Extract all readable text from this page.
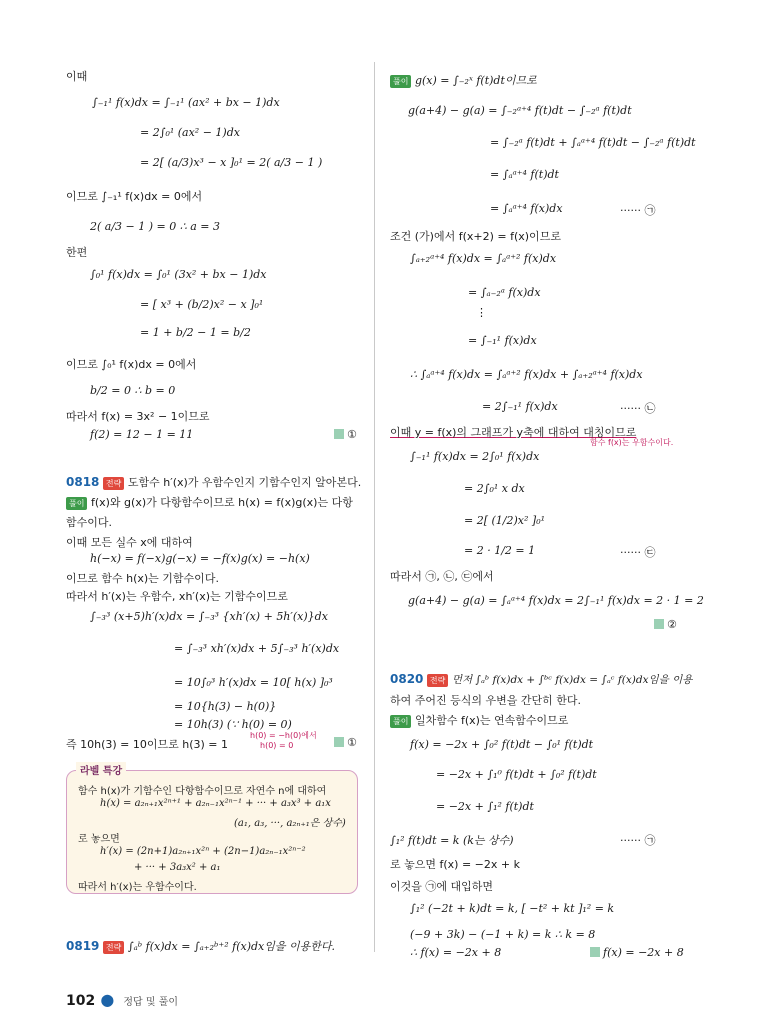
이때
∫₋₁¹ f(x)dx = ∫₋₁¹ (ax² + bx − 1)dx
= 2∫₀¹ (ax² − 1)dx
= 2[ (a/3)x³ − x ]₀¹ = 2( a/3 − 1 )
이므로 ∫₋₁¹ f(x)dx = 0에서
2( a/3 − 1 ) = 0 ∴ a = 3
한편
∫₀¹ f(x)dx = ∫₀¹ (3x² + bx − 1)dx
= [ x³ + (b/2)x² − x ]₀¹
= 1 + b/2 − 1 = b/2
이므로 ∫₀¹ f(x)dx = 0에서
b/2 = 0 ∴ b = 0
따라서 f(x) = 3x² − 1이므로
f(2) = 12 − 1 = 11	①
0818 전략 도함수 h′(x)가 우함수인지 기함수인지 알아본다.
풀이 f(x)와 g(x)가 다항함수이므로 h(x) = f(x)g(x)는 다항
함수이다.
이때 모든 실수 x에 대하여
h(−x) = f(−x)g(−x) = −f(x)g(x) = −h(x)
이므로 함수 h(x)는 기함수이다.
따라서 h′(x)는 우함수, xh′(x)는 기함수이므로
∫₋₃³ (x+5)h′(x)dx = ∫₋₃³ {xh′(x) + 5h′(x)}dx
= ∫₋₃³ xh′(x)dx + 5∫₋₃³ h′(x)dx
= 10∫₀³ h′(x)dx = 10[ h(x) ]₀³
= 10{h(3) − h(0)}
= 10h(3) (∵ h(0) = 0)
즉 10h(3) = 10이므로 h(3) = 1
h(0) = −h(0)에서
h(0) = 0	①
라벨 특강
함수 h(x)가 기함수인 다항함수이므로 자연수 n에 대하여
h(x) = a₂ₙ₊₁x²ⁿ⁺¹ + a₂ₙ₋₁x²ⁿ⁻¹ + ··· + a₃x³ + a₁x
(a₁, a₃, ···, a₂ₙ₊₁은 상수)
로 놓으면
h′(x) = (2n+1)a₂ₙ₊₁x²ⁿ + (2n−1)a₂ₙ₋₁x²ⁿ⁻²
+ ··· + 3a₃x² + a₁
따라서 h′(x)는 우함수이다.
0819 전략 ∫ₐᵇ f(x)dx = ∫ₐ₊₂ᵇ⁺² f(x)dx임을 이용한다.
풀이 g(x) = ∫₋₂ˣ f(t)dt이므로
g(a+4) − g(a) = ∫₋₂ᵃ⁺⁴ f(t)dt − ∫₋₂ᵃ f(t)dt
= ∫₋₂ᵃ f(t)dt + ∫ₐᵃ⁺⁴ f(t)dt − ∫₋₂ᵃ f(t)dt
= ∫ₐᵃ⁺⁴ f(t)dt
= ∫ₐᵃ⁺⁴ f(x)dx	······ ㉠
조건 (가)에서 f(x+2) = f(x)이므로
∫ₐ₊₂ᵃ⁺⁴ f(x)dx = ∫ₐᵃ⁺² f(x)dx
= ∫ₐ₋₂ᵃ f(x)dx
⋮
= ∫₋₁¹ f(x)dx
∴ ∫ₐᵃ⁺⁴ f(x)dx = ∫ₐᵃ⁺² f(x)dx + ∫ₐ₊₂ᵃ⁺⁴ f(x)dx
= 2∫₋₁¹ f(x)dx	······ ㉡
이때 y = f(x)의 그래프가 y축에 대하여 대칭이므로
함수 f(x)는 우함수이다.
∫₋₁¹ f(x)dx = 2∫₀¹ f(x)dx
= 2∫₀¹ x dx
= 2[ (1/2)x² ]₀¹
= 2 · 1/2 = 1	······ ㉢
따라서 ㉠, ㉡, ㉢에서
g(a+4) − g(a) = ∫ₐᵃ⁺⁴ f(x)dx = 2∫₋₁¹ f(x)dx = 2 · 1 = 2
②
0820 전략 먼저 ∫ₐᵇ f(x)dx + ∫ᵇᶜ f(x)dx = ∫ₐᶜ f(x)dx임을 이용
하여 주어진 등식의 우변을 간단히 한다.
풀이 일차함수 f(x)는 연속함수이므로
f(x) = −2x + ∫₀² f(t)dt − ∫₀¹ f(t)dt
= −2x + ∫₁⁰ f(t)dt + ∫₀² f(t)dt
= −2x + ∫₁² f(t)dt
∫₁² f(t)dt = k (k는 상수)	······ ㉠
로 놓으면 f(x) = −2x + k
이것을 ㉠에 대입하면
∫₁² (−2t + k)dt = k, [ −t² + kt ]₁² = k
(−9 + 3k) − (−1 + k) = k ∴ k = 8
∴ f(x) = −2x + 8	f(x) = −2x + 8
102 ● 정답 및 풀이
